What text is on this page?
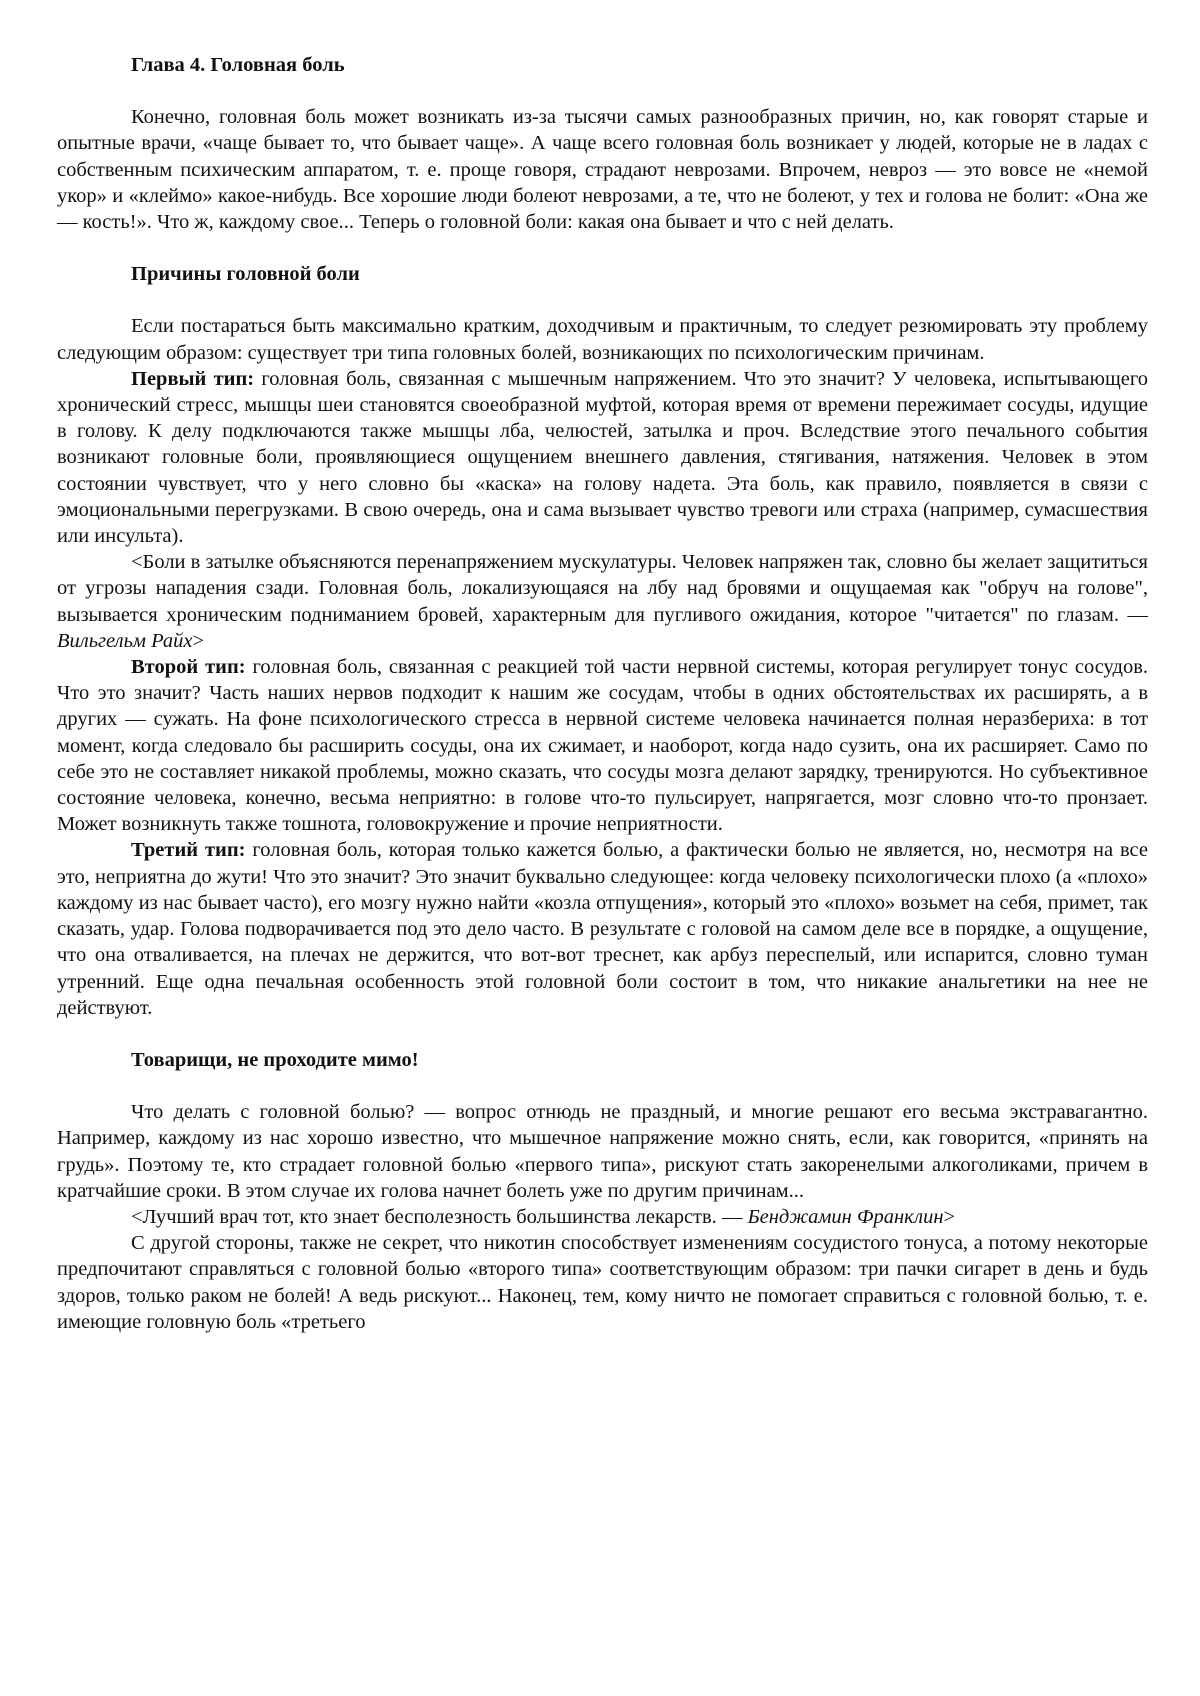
Глава 4. Головная боль

Конечно, головная боль может возникать из-за тысячи самых разнообразных причин, но, как говорят старые и опытные врачи, «чаще бывает то, что бывает чаще». А чаще всего головная боль возникает у людей, которые не в ладах с собственным психическим аппаратом, т. е. проще говоря, страдают неврозами. Впрочем, невроз — это вовсе не «немой укор» и «клеймо» какое-нибудь. Все хорошие люди болеют неврозами, а те, что не болеют, у тех и голова не болит: «Она же — кость!». Что ж, каждому свое... Теперь о головной боли: какая она бывает и что с ней делать.

Причины головной боли

Если постараться быть максимально кратким, доходчивым и практичным, то следует резюмировать эту проблему следующим образом: существует три типа головных болей, возникающих по психологическим причинам.

Первый тип: головная боль, связанная с мышечным напряжением. Что это значит? У человека, испытывающего хронический стресс, мышцы шеи становятся своеобразной муфтой, которая время от времени пережимает сосуды, идущие в голову. К делу подключаются также мышцы лба, челюстей, затылка и проч. Вследствие этого печального события возникают головные боли, проявляющиеся ощущением внешнего давления, стягивания, натяжения. Человек в этом состоянии чувствует, что у него словно бы «каска» на голову надета. Эта боль, как правило, появляется в связи с эмоциональными перегрузками. В свою очередь, она и сама вызывает чувство тревоги или страха (например, сумасшествия или инсульта).

<Боли в затылке объясняются перенапряжением мускулатуры. Человек напряжен так, словно бы желает защититься от угрозы нападения сзади. Головная боль, локализующаяся на лбу над бровями и ощущаемая как "обруч на голове", вызывается хроническим подниманием бровей, характерным для пугливого ожидания, которое "читается" по глазам. — Вильгельм Райх>

Второй тип: головная боль, связанная с реакцией той части нервной системы, которая регулирует тонус сосудов. Что это значит? Часть наших нервов подходит к нашим же сосудам, чтобы в одних обстоятельствах их расширять, а в других — сужать. На фоне психологического стресса в нервной системе человека начинается полная неразбериха: в тот момент, когда следовало бы расширить сосуды, она их сжимает, и наоборот, когда надо сузить, она их расширяет. Само по себе это не составляет никакой проблемы, можно сказать, что сосуды мозга делают зарядку, тренируются. Но субъективное состояние человека, конечно, весьма неприятно: в голове что-то пульсирует, напрягается, мозг словно что-то пронзает. Может возникнуть также тошнота, головокружение и прочие неприятности.

Третий тип: головная боль, которая только кажется болью, а фактически болью не является, но, несмотря на все это, неприятна до жути! Что это значит? Это значит буквально следующее: когда человеку психологически плохо (а «плохо» каждому из нас бывает часто), его мозгу нужно найти «козла отпущения», который это «плохо» возьмет на себя, примет, так сказать, удар. Голова подворачивается под это дело часто. В результате с головой на самом деле все в порядке, а ощущение, что она отваливается, на плечах не держится, что вот-вот треснет, как арбуз переспелый, или испарится, словно туман утренний. Еще одна печальная особенность этой головной боли состоит в том, что никакие анальгетики на нее не действуют.

Товарищи, не проходите мимо!

Что делать с головной болью? — вопрос отнюдь не праздный, и многие решают его весьма экстравагантно. Например, каждому из нас хорошо известно, что мышечное напряжение можно снять, если, как говорится, «принять на грудь». Поэтому те, кто страдает головной болью «первого типа», рискуют стать закоренелыми алкоголиками, причем в кратчайшие сроки. В этом случае их голова начнет болеть уже по другим причинам...

<Лучший врач тот, кто знает бесполезность большинства лекарств. — Бенджамин Франклин>

С другой стороны, также не секрет, что никотин способствует изменениям сосудистого тонуса, а потому некоторые предпочитают справляться с головной болью «второго типа» соответствующим образом: три пачки сигарет в день и будь здоров, только раком не болей! А ведь рискуют... Наконец, тем, кому ничто не помогает справиться с головной болью, т. е. имеющие головную боль «третьего
